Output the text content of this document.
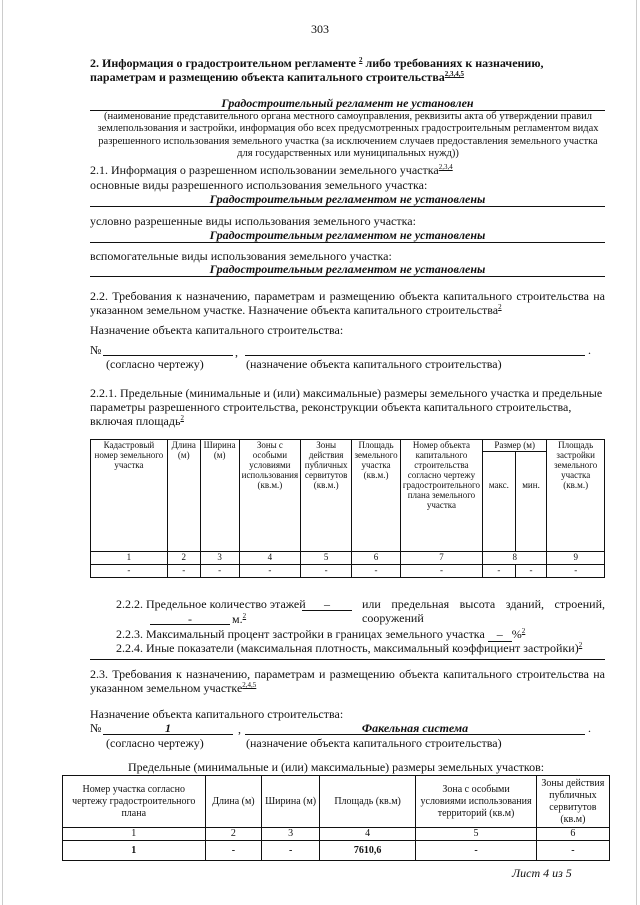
303
2. Информация о градостроительном регламенте $^2$ либо требованиях к назначению,
параметрам и размещению объекта капитального строительства$^{2,3,4,5}$
Градостроительный регламент не установлен
(наименование представительного органа местного самоуправления, реквизиты акта об утверждении правил землепользования и застройки, информация обо всех предусмотренных градостроительным регламентом видах разрешенного использования земельного участка (за исключением случаев предоставления земельного участка для государственных или муниципальных нужд))
2.1. Информация о разрешенном использовании земельного участка$^{2,3,4}$
основные виды разрешенного использования земельного участка:
Градостроительным регламентом не установлены
условно разрешенные виды использования земельного участка:
Градостроительным регламентом не установлены
вспомогательные виды использования земельного участка:
Градостроительным регламентом не установлены
2.2. Требования к назначению, параметрам и размещению объекта капитального строительства на указанном земельном участке. Назначение объекта капитального строительства$^2$
Назначение объекта капитального строительства:
№	,	.
(согласно чертежу)	(назначение объекта капитального строительства)
2.2.1. Предельные (минимальные и (или) максимальные) размеры земельного участка и предельные параметры разрешенного строительства, реконструкции объекта капитального строительства, включая площадь$^2$
Кадастровый номер земельного участка	Длина (м)	Ширина (м)	Зоны с особыми условиями использования (кв.м.)	Зоны действия публичных сервитутов (кв.м.)	Площадь земельного участка (кв.м.)	Номер объекта капитального строительства согласно чертежу градостроительного плана земельного участка	Размер (м)		Площадь застройки земельного участка (кв.м.)
							макс.	мин.	
1	2	3	4	5	6	7	8		9
-	-	-	-	-	-	-	-	-	-
2.2.2. Предельное количество этажей	–	или предельная высота зданий, строений, сооружений
-	м.$^2$
2.2.3. Максимальный процент застройки в границах земельного участка – %$^2$
2.2.4. Иные показатели (максимальная плотность, максимальный коэффициент застройки)$^2$
2.3. Требования к назначению, параметрам и размещению объекта капитального строительства на указанном земельном участке$^{2,4,5}$
Назначение объекта капитального строительства:
№	1	,	Факельная система	.
(согласно чертежу)	(назначение объекта капитального строительства)
Предельные (минимальные и (или) максимальные) размеры земельных участков:
Номер участка согласно чертежу градостроительного плана	Длина (м)	Ширина (м)	Площадь (кв.м)	Зона с особыми условиями использования территорий (кв.м)	Зоны действия публичных сервитутов (кв.м)
1	2	3	4	5	6
1	-	-	7610,6	-	-
Лист 4 из 5
